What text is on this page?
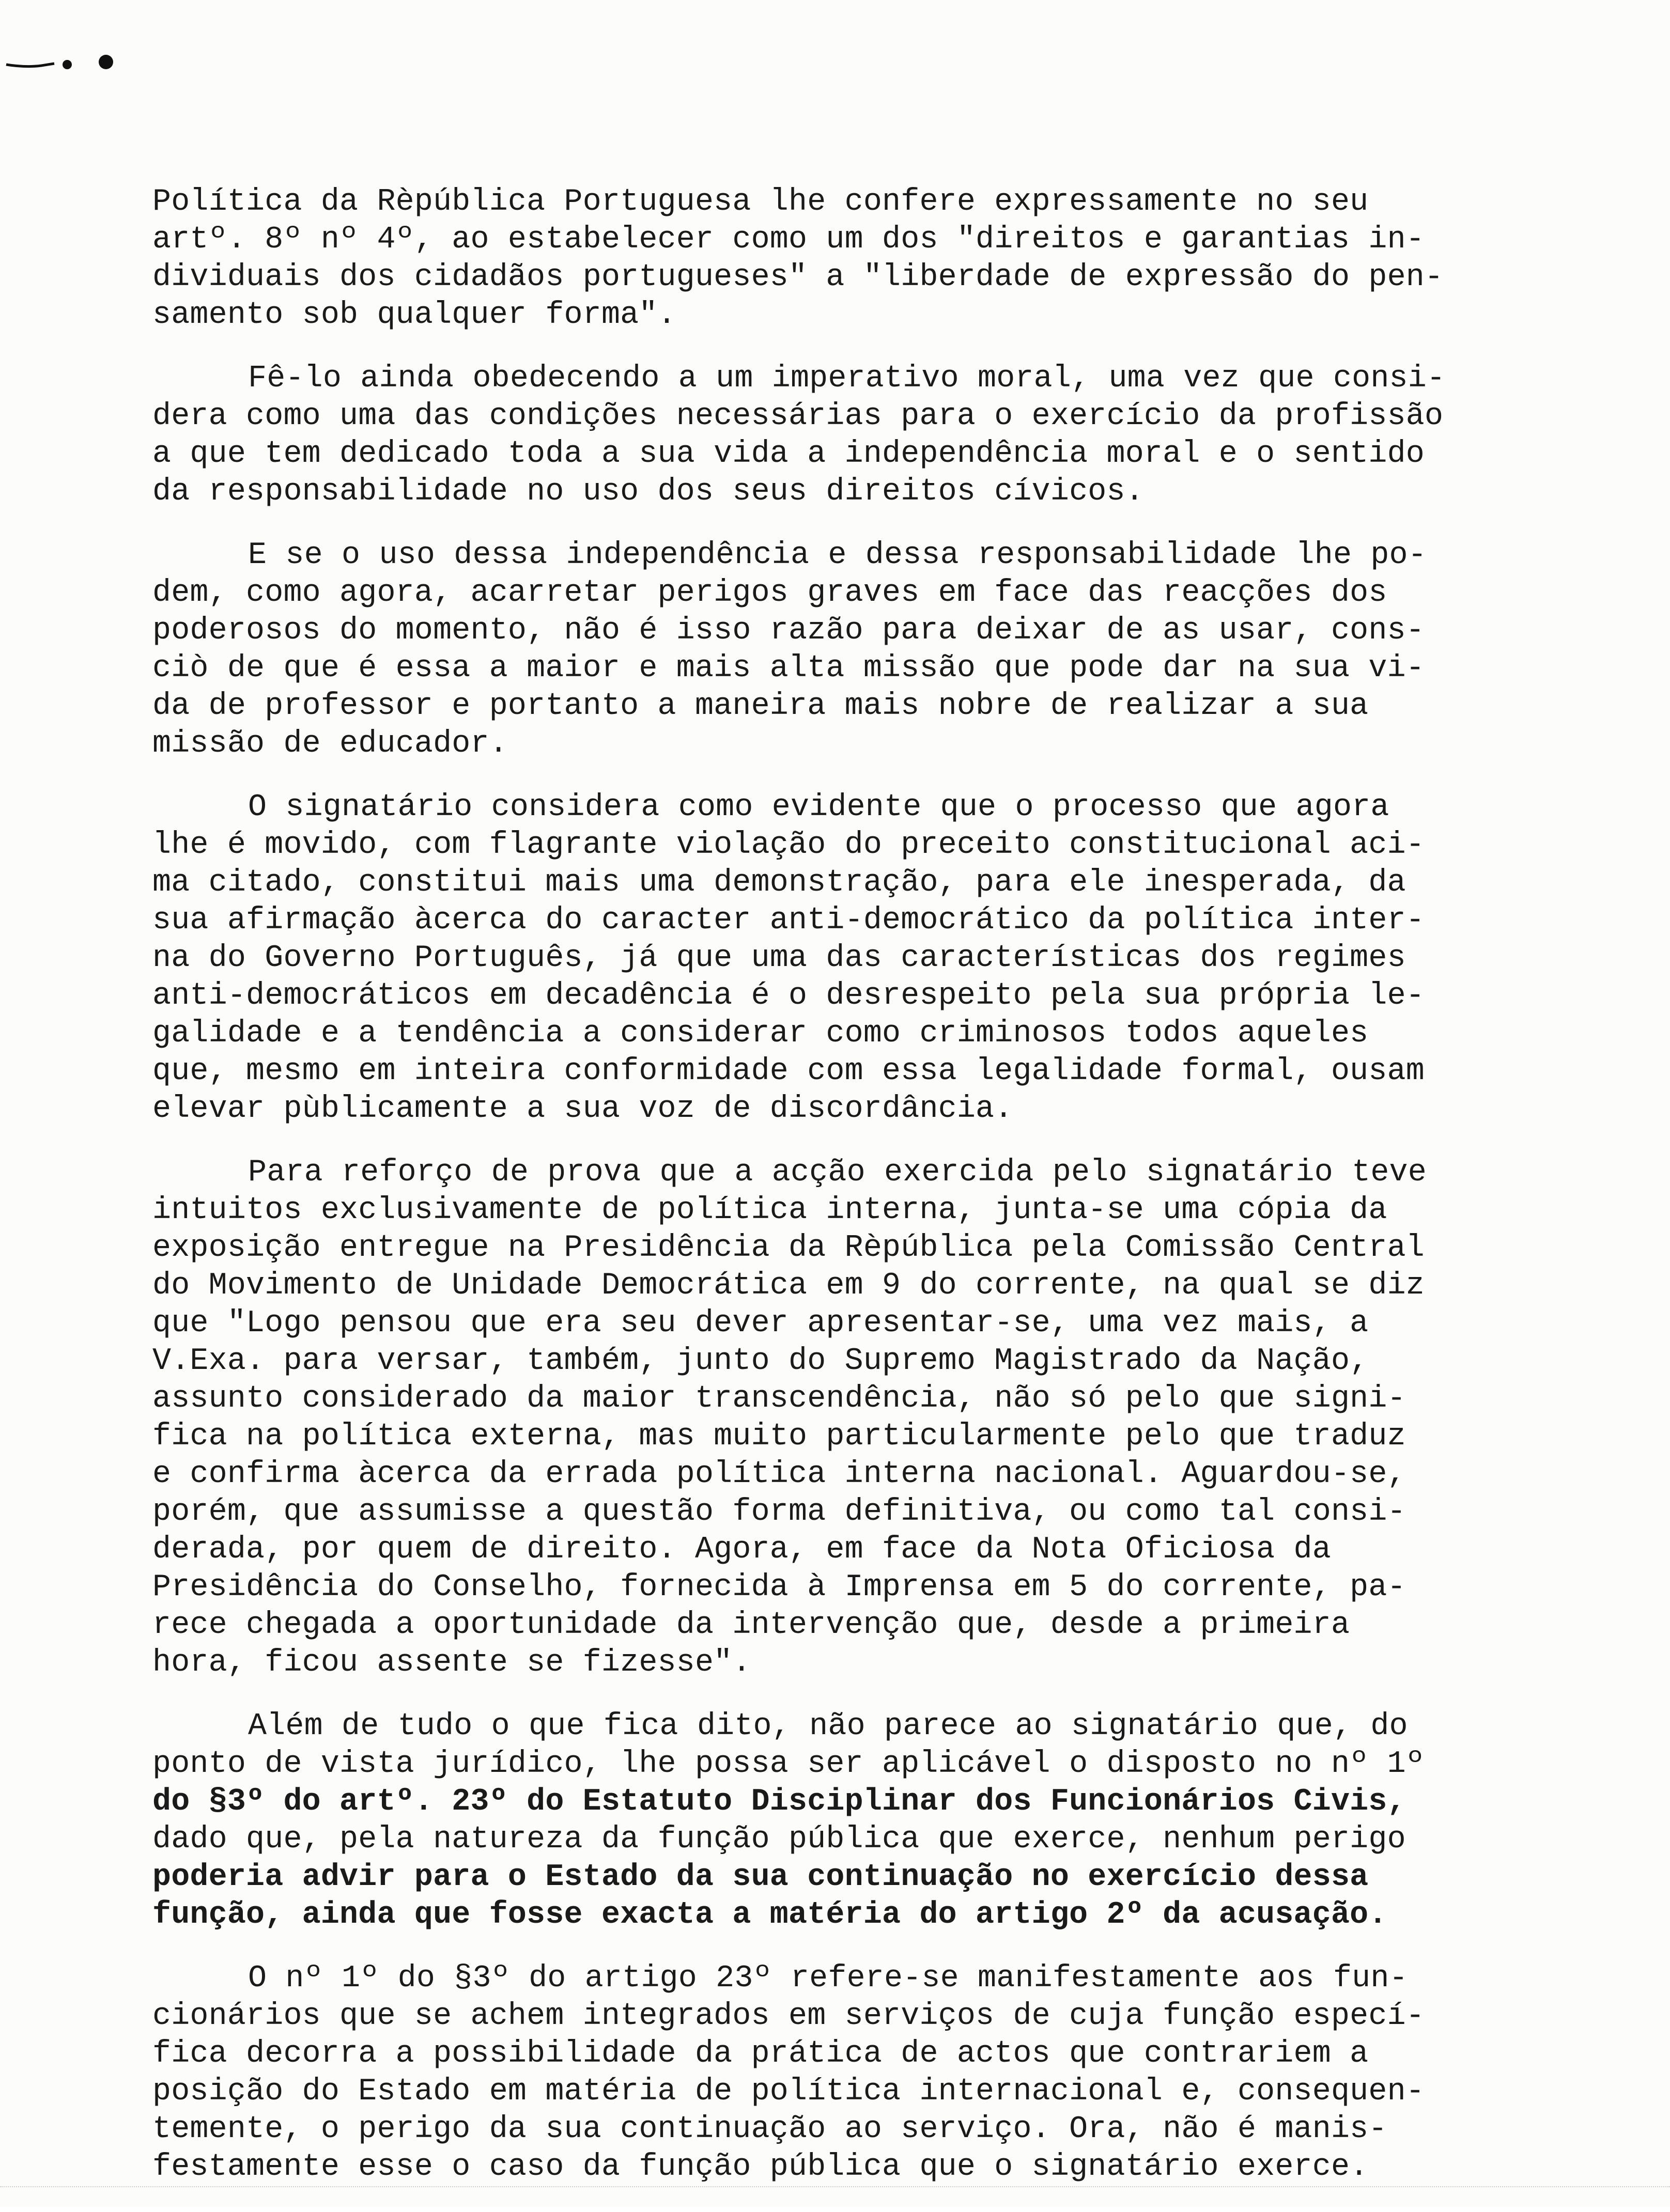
Política da Rèpública Portuguesa lhe confere expressamente no seu
artº. 8º nº 4º, ao estabelecer como um dos "direitos e garantias in-
dividuais dos cidadãos portugueses" a "liberdade de expressão do pen-
samento sob qualquer forma".
Fê-lo ainda obedecendo a um imperativo moral, uma vez que consi-
dera como uma das condições necessárias para o exercício da profissão
a que tem dedicado toda a sua vida a independência moral e o sentido
da responsabilidade no uso dos seus direitos cívicos.
E se o uso dessa independência e dessa responsabilidade lhe po-
dem, como agora, acarretar perigos graves em face das reacções dos
poderosos do momento, não é isso razão para deixar de as usar, cons-
ciò de que é essa a maior e mais alta missão que pode dar na sua vi-
da de professor e portanto a maneira mais nobre de realizar a sua
missão de educador.
O signatário considera como evidente que o processo que agora
lhe é movido, com flagrante violação do preceito constitucional aci-
ma citado, constitui mais uma demonstração, para ele inesperada, da
sua afirmação àcerca do caracter anti-democrático da política inter-
na do Governo Português, já que uma das características dos regimes
anti-democráticos em decadência é o desrespeito pela sua própria le-
galidade e a tendência a considerar como criminosos todos aqueles
que, mesmo em inteira conformidade com essa legalidade formal, ousam
elevar pùblicamente a sua voz de discordância.
Para reforço de prova que a acção exercida pelo signatário teve
intuitos exclusivamente de política interna, junta-se uma cópia da
exposição entregue na Presidência da Rèpública pela Comissão Central
do Movimento de Unidade Democrática em 9 do corrente, na qual se diz
que "Logo pensou que era seu dever apresentar-se, uma vez mais, a
V.Exa. para versar, também, junto do Supremo Magistrado da Nação,
assunto considerado da maior transcendência, não só pelo que signi-
fica na política externa, mas muito particularmente pelo que traduz
e confirma àcerca da errada política interna nacional. Aguardou-se,
porém, que assumisse a questão forma definitiva, ou como tal consi-
derada, por quem de direito. Agora, em face da Nota Oficiosa da
Presidência do Conselho, fornecida à Imprensa em 5 do corrente, pa-
rece chegada a oportunidade da intervenção que, desde a primeira
hora, ficou assente se fizesse".
Além de tudo o que fica dito, não parece ao signatário que, do
ponto de vista jurídico, lhe possa ser aplicável o disposto no nº 1º
do §3º do artº. 23º do Estatuto Disciplinar dos Funcionários Civis,
dado que, pela natureza da função pública que exerce, nenhum perigo
poderia advir para o Estado da sua continuação no exercício dessa
função, ainda que fosse exacta a matéria do artigo 2º da acusação.
O nº 1º do §3º do artigo 23º refere-se manifestamente aos fun-
cionários que se achem integrados em serviços de cuja função especí-
fica decorra a possibilidade da prática de actos que contrariem a
posição do Estado em matéria de política internacional e, consequen-
temente, o perigo da sua continuação ao serviço. Ora, não é manis-
festamente esse o caso da função pública que o signatário exerce.
